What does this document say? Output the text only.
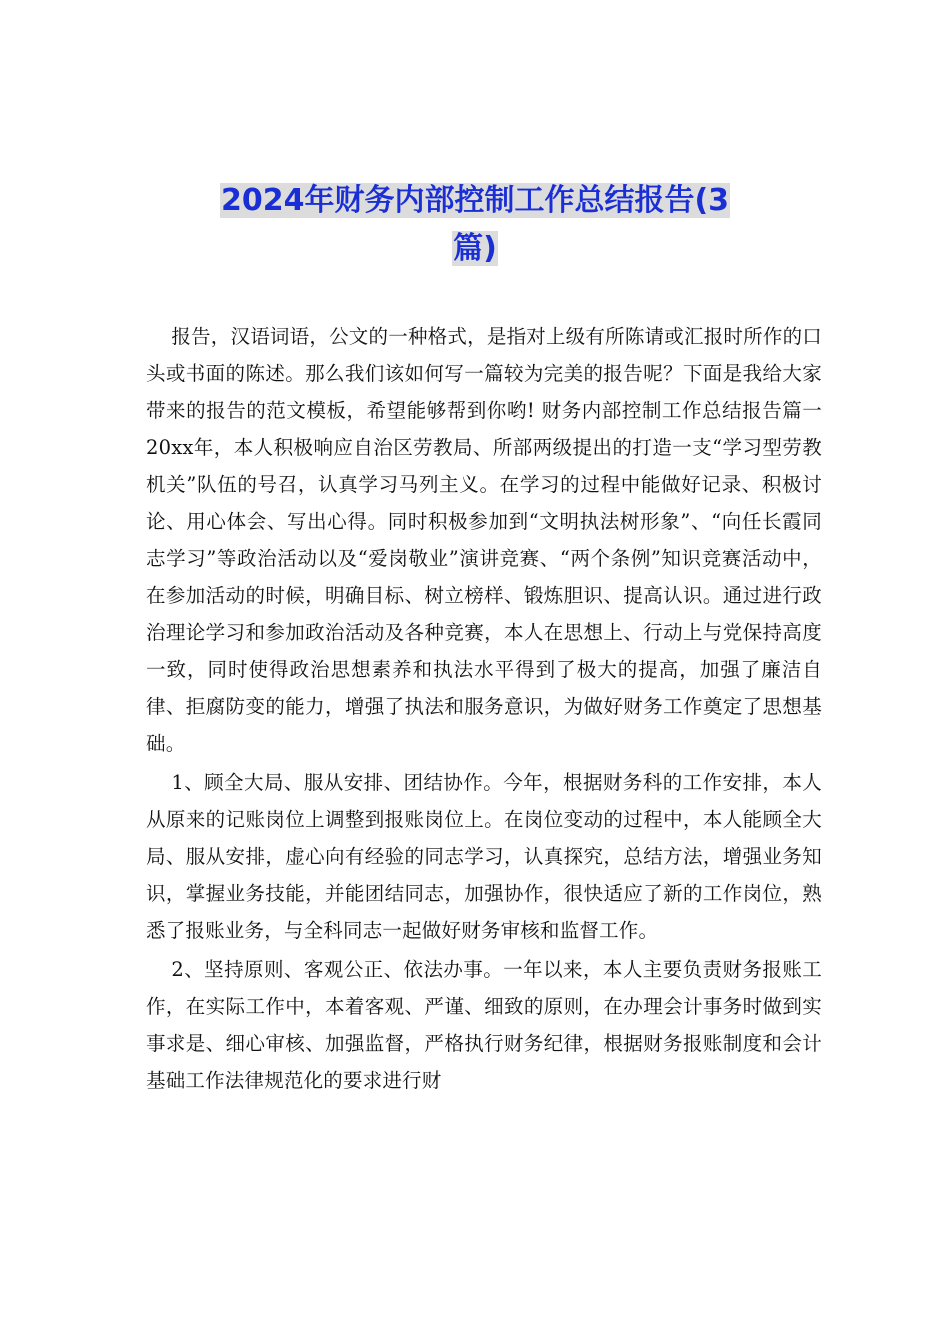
2024年财务内部控制工作总结报告(3
篇)

报告，汉语词语，公文的一种格式，是指对上级有所陈请或汇报时所作的口头或书面的陈述。那么我们该如何写一篇较为完美的报告呢？下面是我给大家带来的报告的范文模板，希望能够帮到你哟! 财务内部控制工作总结报告篇一　20xx年，本人积极响应自治区劳教局、所部两级提出的打造一支“学习型劳教机关”队伍的号召，认真学习马列主义。在学习的过程中能做好记录、积极讨论、用心体会、写出心得。同时积极参加到“文明执法树形象”、“向任长霞同志学习”等政治活动以及“爱岗敬业”演讲竞赛、“两个条例”知识竞赛活动中，在参加活动的时候，明确目标、树立榜样、锻炼胆识、提高认识。通过进行政治理论学习和参加政治活动及各种竞赛，本人在思想上、行动上与党保持高度一致，同时使得政治思想素养和执法水平得到了极大的提高，加强了廉洁自律、拒腐防变的能力，增强了执法和服务意识，为做好财务工作奠定了思想基础。

1、顾全大局、服从安排、团结协作。今年，根据财务科的工作安排，本人从原来的记账岗位上调整到报账岗位上。在岗位变动的过程中，本人能顾全大局、服从安排，虚心向有经验的同志学习，认真探究，总结方法，增强业务知识，掌握业务技能，并能团结同志，加强协作，很快适应了新的工作岗位，熟悉了报账业务，与全科同志一起做好财务审核和监督工作。

2、坚持原则、客观公正、依法办事。一年以来，本人主要负责财务报账工作，在实际工作中，本着客观、严谨、细致的原则，在办理会计事务时做到实事求是、细心审核、加强监督，严格执行财务纪律，根据财务报账制度和会计基础工作法律规范化的要求进行财
